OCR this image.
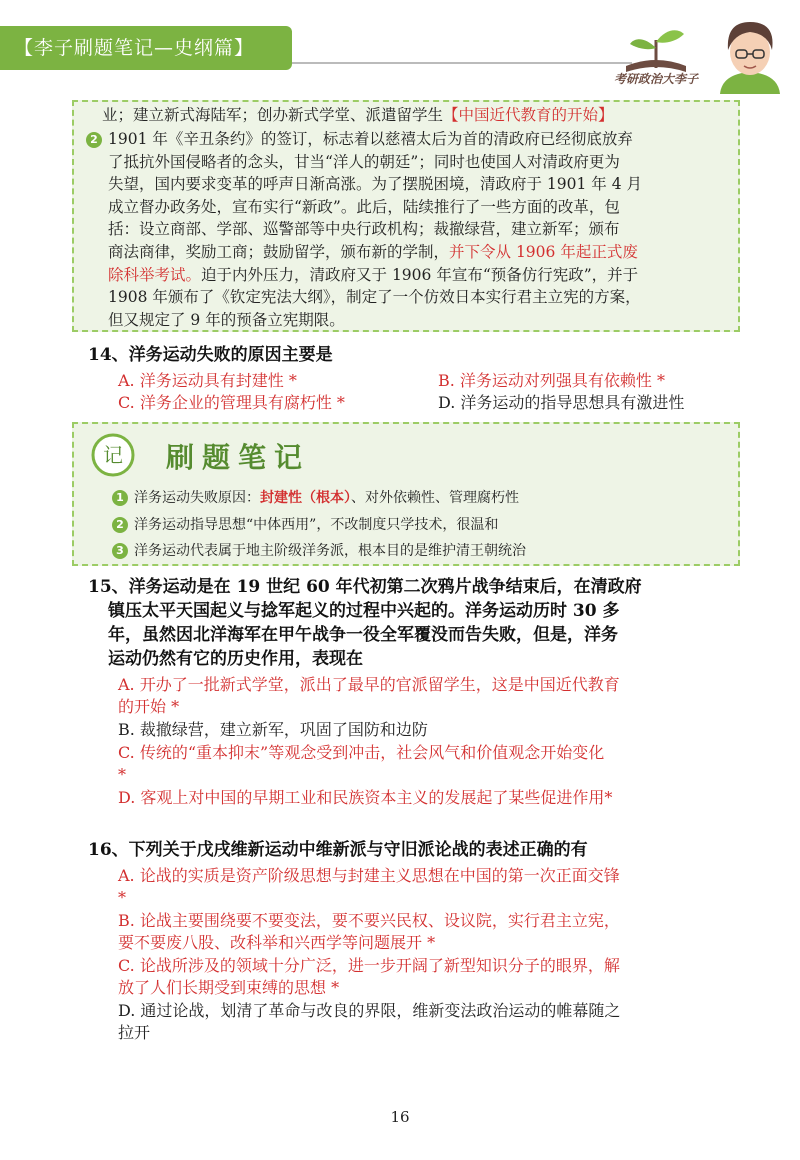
【李子刷题笔记—史纲篇】
考研政治大李子

业；建立新式海陆军；创办新式学堂、派遣留学生【中国近代教育的开始】

2 1901 年《辛丑条约》的签订，标志着以慈禧太后为首的清政府已经彻底放弃

了抵抗外国侵略者的念头，甘当“洋人的朝廷”；同时也使国人对清政府更为

失望，国内要求变革的呼声日渐高涨。为了摆脱困境，清政府于 1901 年 4 月

成立督办政务处，宣布实行“新政”。此后，陆续推行了一些方面的改革，包

括：设立商部、学部、巡警部等中央行政机构；裁撤绿营，建立新军；颁布

商法商律，奖励工商；鼓励留学，颁布新的学制，并下令从 1906 年起正式废

除科举考试。迫于内外压力，清政府又于 1906 年宣布“预备仿行宪政”，并于

1908 年颁布了《钦定宪法大纲》，制定了一个仿效日本实行君主立宪的方案，

但又规定了 9 年的预备立宪期限。

14、洋务运动失败的原因主要是
A. 洋务运动具有封建性 *	B. 洋务运动对列强具有依赖性 *
C. 洋务企业的管理具有腐朽性 *	D. 洋务运动的指导思想具有激进性
记 刷题笔记
1 洋务运动失败原因：封建性（根本）、对外依赖性、管理腐朽性
2 洋务运动指导思想“中体西用”，不改制度只学技术，很温和
3 洋务运动代表属于地主阶级洋务派，根本目的是维护清王朝统治
15、洋务运动是在 19 世纪 60 年代初第二次鸦片战争结束后，在清政府
镇压太平天国起义与捻军起义的过程中兴起的。洋务运动历时 30 多
年，虽然因北洋海军在甲午战争一役全军覆没而告失败，但是，洋务
运动仍然有它的历史作用，表现在
A. 开办了一批新式学堂，派出了最早的官派留学生，这是中国近代教育
的开始 *
B. 裁撤绿营，建立新军，巩固了国防和边防
C. 传统的“重本抑末”等观念受到冲击，社会风气和价值观念开始变化
*
D. 客观上对中国的早期工业和民族资本主义的发展起了某些促进作用*
16、下列关于戊戌维新运动中维新派与守旧派论战的表述正确的有
A. 论战的实质是资产阶级思想与封建主义思想在中国的第一次正面交锋
*
B. 论战主要围绕要不要变法，要不要兴民权、设议院，实行君主立宪，
要不要废八股、改科举和兴西学等问题展开 *
C. 论战所涉及的领域十分广泛，进一步开阔了新型知识分子的眼界，解
放了人们长期受到束缚的思想 *
D. 通过论战，划清了革命与改良的界限，维新变法政治运动的帷幕随之
拉开
16
